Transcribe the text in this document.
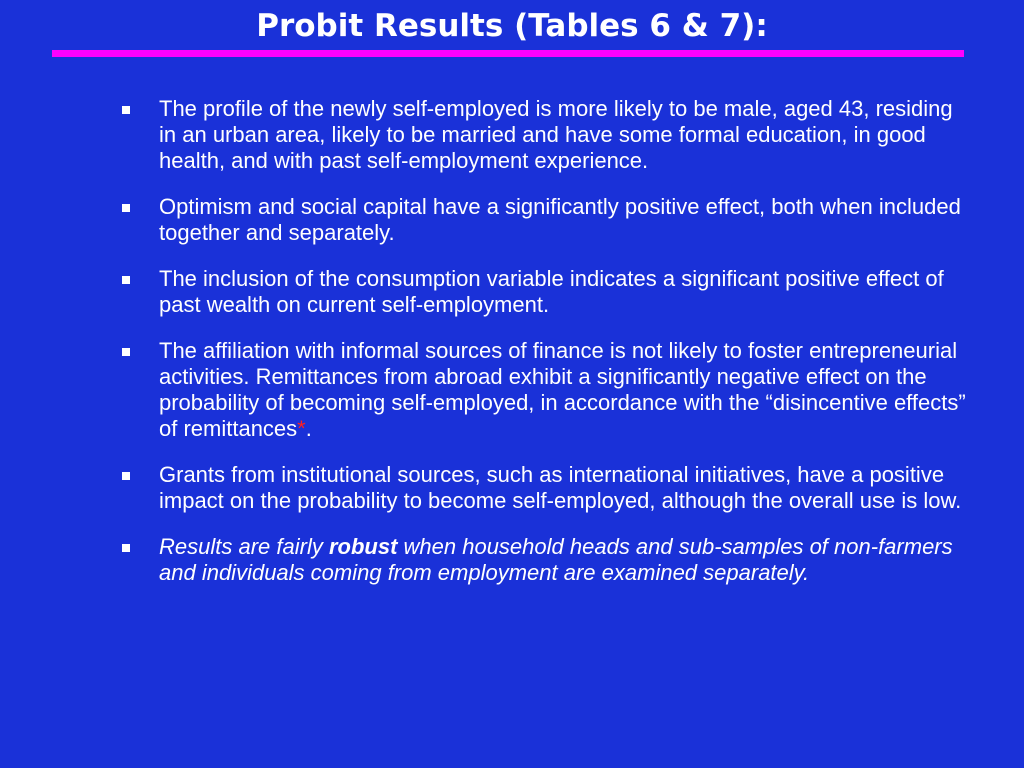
Probit Results (Tables 6 & 7):
The profile of the newly self-employed is more likely to be male, aged 43, residing in an urban area, likely to be married and have some formal education, in good health, and with past self-employment experience.
Optimism and social capital have a significantly positive effect, both when included together and separately.
The inclusion of the consumption variable indicates a significant positive effect of past wealth on current self-employment.
The affiliation with informal sources of finance is not likely to foster entrepreneurial activities. Remittances from abroad exhibit a significantly negative effect on the probability of becoming self-employed, in accordance with the “disincentive effects” of remittances*.
Grants from institutional sources, such as international initiatives, have a positive impact on the probability to become self-employed, although the overall use is low.
Results are fairly robust when household heads and sub-samples of non-farmers and individuals coming from employment are examined separately.
